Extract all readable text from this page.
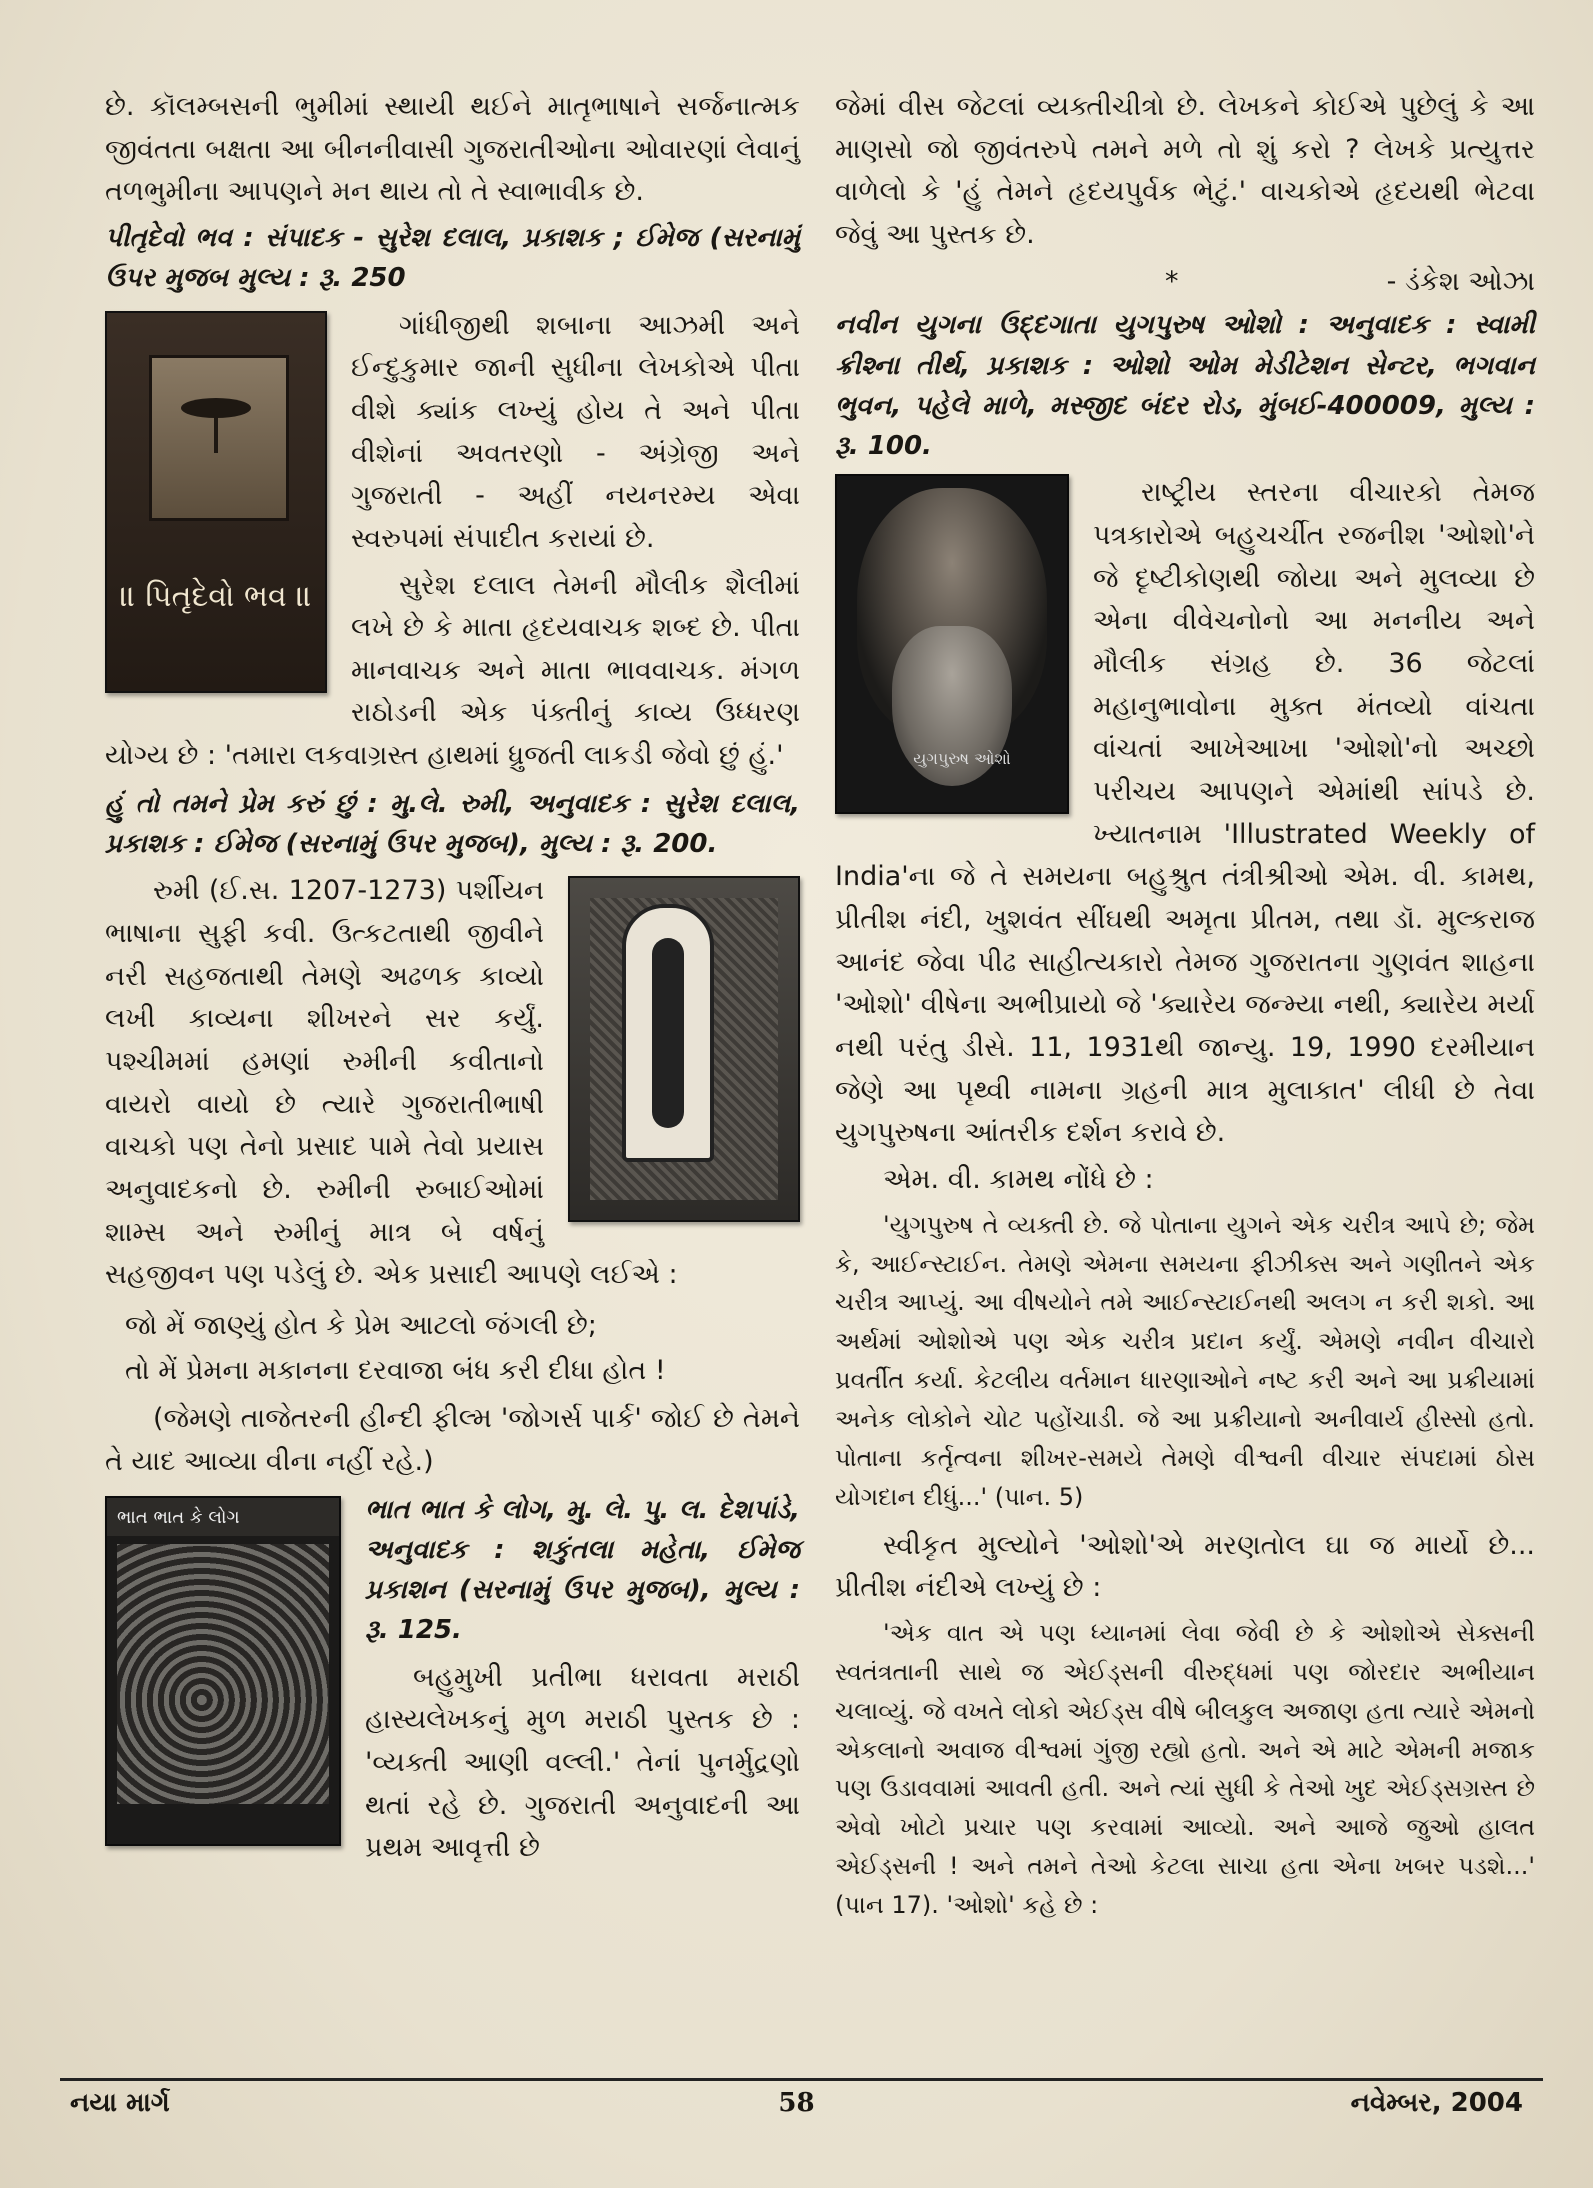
છે. કૉલમ્બસની ભુમીમાં સ્થાયી થઈને માતૃભાષાને સર્જનાત્મક જીવંતતા બક્ષતા આ બીનનીવાસી ગુજરાતીઓના ઓવારણાં લેવાનું તળભુમીના આપણને મન થાય તો તે સ્વાભાવીક છે.

પીતૃદેવો ભવ : સંપાદક - સુરેશ દલાલ, પ્રકાશક ; ઈમેજ (સરનામું ઉપર મુજબ મુલ્ય : રૂ. 250

॥ પિતૃદેવો ભવ ॥

ગાંધીજીથી શબાના આઝમી અને ઈન્દુકુમાર જાની સુધીના લેખકોએ પીતા વીશે ક્યાંક લખ્યું હોય તે અને પીતા વીશેનાં અવતરણો - અંગ્રેજી અને ગુજરાતી - અહીં નયનરમ્ય એવા સ્વરુપમાં સંપાદીત કરાયાં છે.

સુરેશ દલાલ તેમની મૌલીક શૈલીમાં લખે છે કે માતા હૃદયવાચક શબ્દ છે. પીતા માનવાચક અને માતા ભાવવાચક. મંગળ રાઠોડની એક પંક્તીનું કાવ્ય ઉધ્ધરણ યોગ્ય છે : 'તમારા લકવાગ્રસ્ત હાથમાં ધ્રુજતી લાકડી જેવો છું હું.'

હું તો તમને પ્રેમ કરું છું : મુ.લે. રુમી, અનુવાદક : સુરેશ દલાલ, પ્રકાશક : ઈમેજ (સરનામું ઉપર મુજબ), મુલ્ય : રૂ. 200.

રુમી (ઈ.સ. 1207-1273) પર્શીયન ભાષાના સુફી કવી. ઉત્કટતાથી જીવીને નરી સહજતાથી તેમણે અઢળક કાવ્યો લખી કાવ્યના શીખરને સર કર્યું. પશ્ચીમમાં હમણાં રુમીની કવીતાનો વાયરો વાયો છે ત્યારે ગુજરાતીભાષી વાચકો પણ તેનો પ્રસાદ પામે તેવો પ્રયાસ અનુવાદકનો છે. રુમીની રુબાઈઓમાં શામ્સ અને રુમીનું માત્ર બે વર્ષનું સહજીવન પણ પડેલું છે. એક પ્રસાદી આપણે લઈએ :

જો મેં જાણ્યું હોત કે પ્રેમ આટલો જંગલી છે;
તો મેં પ્રેમના મકાનના દરવાજા બંધ કરી દીધા હોત !

(જેમણે તાજેતરની હીન્દી ફીલ્મ 'જોગર્સ પાર્ક' જોઈ છે તેમને તે યાદ આવ્યા વીના નહીં રહે.)

ભાત ભાત કે લોગ	ભાત ભાત કે લોગ, મુ. લે. પુ. લ. દેશપાંડે, અનુવાદક : શકુંતલા મહેતા, ઈમેજ પ્રકાશન (સરનામું ઉપર મુજબ), મુલ્ય : રૂ. 125.

બહુમુખી પ્રતીભા ધરાવતા મરાઠી હાસ્યલેખકનું મુળ મરાઠી પુસ્તક છે : 'વ્યક્તી આણી વલ્લી.' તેનાં પુનર્મુદ્રણો થતાં રહે છે. ગુજરાતી અનુવાદની આ પ્રથમ આવૃત્તી છે

જેમાં વીસ જેટલાં વ્યક્તીચીત્રો છે. લેખકને કોઈએ પુછેલું કે આ માણસો જો જીવંતરુપે તમને મળે તો શું કરો ? લેખકે પ્રત્યુત્તર વાળેલો કે 'હું તેમને હૃદયપુર્વક ભેટું.' વાચકોએ હૃદયથી ભેટવા જેવું આ પુસ્તક છે.

*	- ડંકેશ ઓઝા

નવીન યુગના ઉદ્દગાતા યુગપુરુષ ઓશો : અનુવાદક : સ્વામી ક્રીશ્ના તીર્થ, પ્રકાશક : ઓશો ઓમ મેડીટેશન સેન્ટર, ભગવાન ભુવન, પહેલે માળે, મસ્જીદ બંદર રોડ, મુંબઈ-400009, મુલ્ય : રૂ. 100.

યુગપુરુષ ઓશો

રાષ્ટ્રીય સ્તરના વીચારકો તેમજ પત્રકારોએ બહુચર્ચીત રજનીશ 'ઓશો'ને જે દૃષ્ટીકોણથી જોયા અને મુલવ્યા છે એના વીવેચનોનો આ મનનીય અને મૌલીક સંગ્રહ છે. 36 જેટલાં મહાનુભાવોના મુક્ત મંતવ્યો વાંચતા વાંચતાં આખેઆખા 'ઓશો'નો અચ્છો પરીચય આપણને એમાંથી સાંપડે છે. ખ્યાતનામ 'Illustrated Weekly of India'ના જે તે સમયના બહુશ્રુત તંત્રીશ્રીઓ એમ. વી. કામથ, પ્રીતીશ નંદી, ખુશવંત સીંઘથી અમૃતા પ્રીતમ, તથા ડૉ. મુલ્કરાજ આનંદ જેવા પીઢ સાહીત્યકારો તેમજ ગુજરાતના ગુણવંત શાહના 'ઓશો' વીષેના અભીપ્રાયો જે 'ક્યારેય જન્મ્યા નથી, ક્યારેય મર્યા નથી પરંતુ ડીસે. 11, 1931થી જાન્યુ. 19, 1990 દરમીયાન જેણે આ પૃથ્વી નામના ગ્રહની માત્ર મુલાકાત' લીધી છે તેવા યુગપુરુષના આંતરીક દર્શન કરાવે છે.

એમ. વી. કામથ નોંધે છે :

'યુગપુરુષ તે વ્યક્તી છે. જે પોતાના યુગને એક ચરીત્ર આપે છે; જેમ કે, આઈન્સ્ટાઈન. તેમણે એમના સમયના ફીઝીક્સ અને ગણીતને એક ચરીત્ર આપ્યું. આ વીષયોને તમે આઈન્સ્ટાઈનથી અલગ ન કરી શકો. આ અર્થમાં ઓશોએ પણ એક ચરીત્ર પ્રદાન કર્યું. એમણે નવીન વીચારો પ્રવર્તીત કર્યા. કેટલીય વર્તમાન ધારણાઓને નષ્ટ કરી અને આ પ્રક્રીયામાં અનેક લોકોને ચોટ પહોંચાડી. જે આ પ્રક્રીયાનો અનીવાર્ય હીસ્સો હતો. પોતાના કર્તૃત્વના શીખર-સમયે તેમણે વીશ્વની વીચાર સંપદામાં ઠોસ યોગદાન દીધું...' (પાન. 5)

સ્વીકૃત મુલ્યોને 'ઓશો'એ મરણતોલ ઘા જ માર્યો છે... પ્રીતીશ નંદીએ લખ્યું છે :

'એક વાત એ પણ ધ્યાનમાં લેવા જેવી છે કે ઓશોએ સેક્સની સ્વતંત્રતાની સાથે જ એઈડ્સની વીરુદ્ધમાં પણ જોરદાર અભીયાન ચલાવ્યું. જે વખતે લોકો એઈડ્સ વીષે બીલકુલ અજાણ હતા ત્યારે એમનો એકલાનો અવાજ વીશ્વમાં ગુંજી રહ્યો હતો. અને એ માટે એમની મજાક પણ ઉડાવવામાં આવતી હતી. અને ત્યાં સુધી કે તેઓ ખુદ એઈડ્સગ્રસ્ત છે એવો ખોટો પ્રચાર પણ કરવામાં આવ્યો. અને આજે જુઓ હાલત એઈડ્સની ! અને તમને તેઓ કેટલા સાચા હતા એના ખબર પડશે...' (પાન 17). 'ઓશો' કહે છે :

નયા માર્ગ	58	નવેમ્બર, 2004
